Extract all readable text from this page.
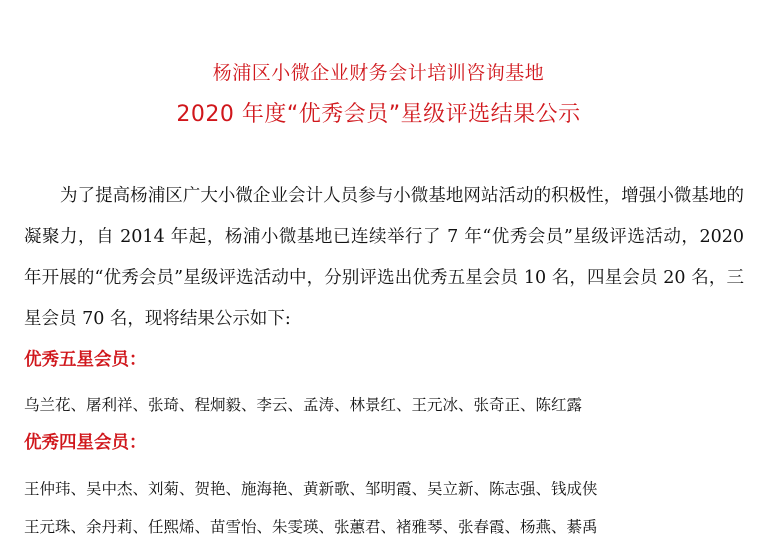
杨浦区小微企业财务会计培训咨询基地
2020 年度“优秀会员”星级评选结果公示

为了提高杨浦区广大小微企业会计人员参与小微基地网站活动的积极性，增强小微基地的凝聚力，自 2014 年起，杨浦小微基地已连续举行了 7 年“优秀会员”星级评选活动，2020 年开展的“优秀会员”星级评选活动中，分别评选出优秀五星会员 10 名，四星会员 20 名，三星会员 70 名，现将结果公示如下:

优秀五星会员：
乌兰花、屠利祥、张琦、程炯毅、李云、孟涛、林景红、王元冰、张奇正、陈红露
优秀四星会员：
王仲玮、吴中杰、刘菊、贺艳、施海艳、黄新歌、邹明霞、吴立新、陈志强、钱成侠
王元珠、余丹莉、任熙烯、苗雪怡、朱雯瑛、张蕙君、褚雅琴、张春霞、杨燕、綦禹
